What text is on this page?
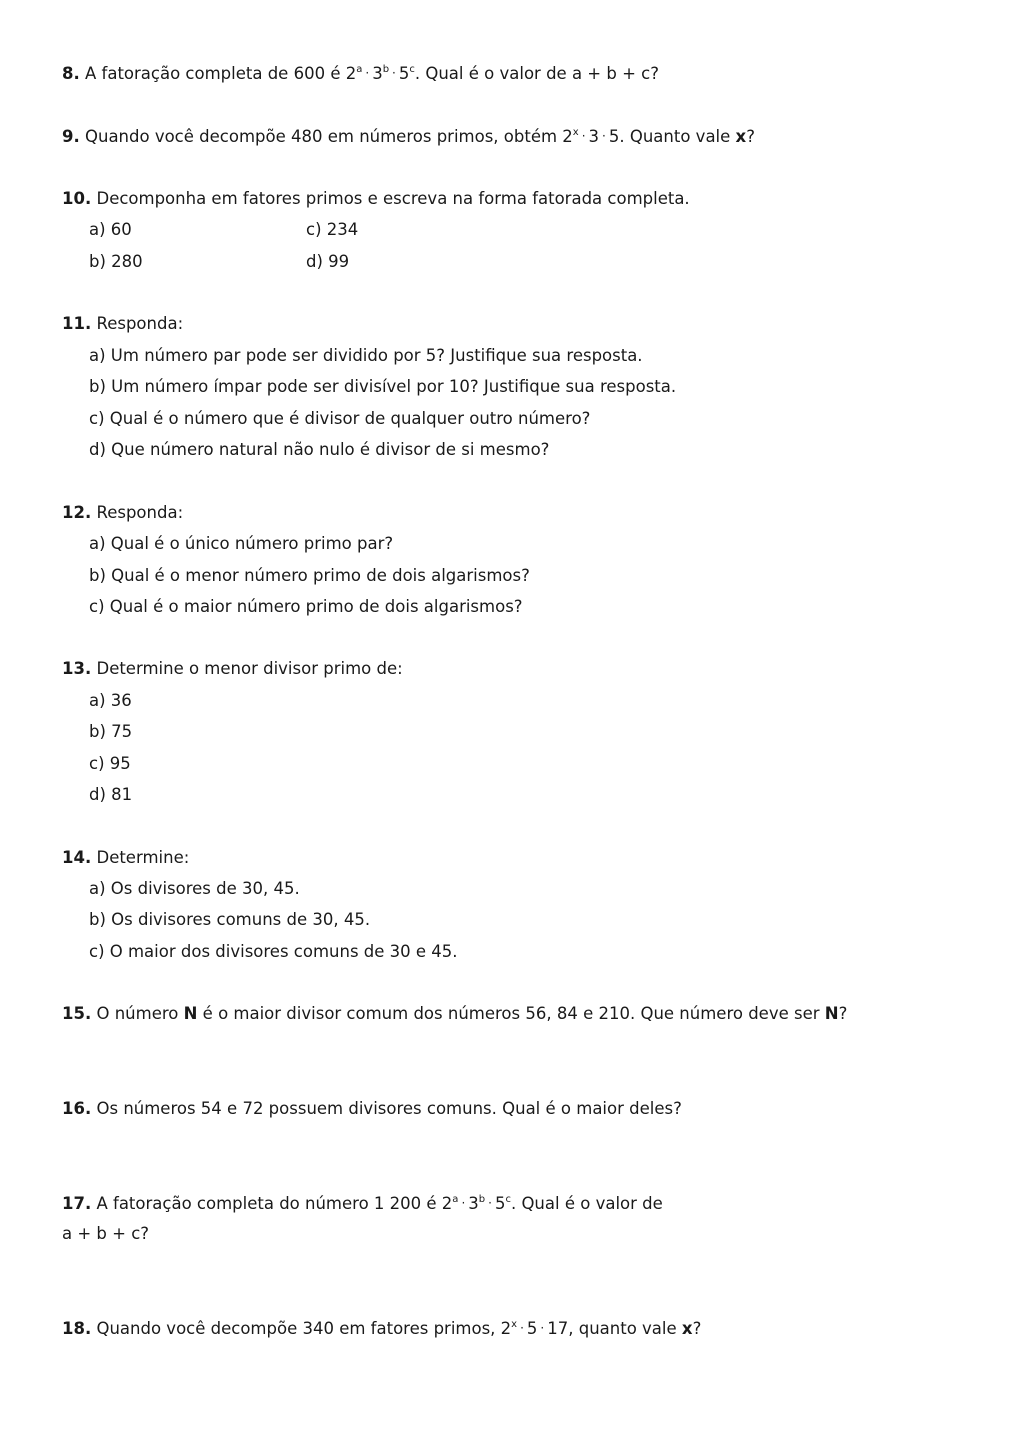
8. A fatoração completa de 600 é $2^a \cdot 3^b \cdot 5^c$. Qual é o valor de a + b + c?
9. Quando você decompõe 480 em números primos, obtém $2^x \cdot 3 \cdot 5$. Quanto vale x?
10. Decomponha em fatores primos e escreva na forma fatorada completa.
a) 60	c) 234
b) 280	d) 99
11. Responda:
a) Um número par pode ser dividido por 5? Justifique sua resposta.
b) Um número ímpar pode ser divisível por 10? Justifique sua resposta.
c) Qual é o número que é divisor de qualquer outro número?
d) Que número natural não nulo é divisor de si mesmo?
12. Responda:
a) Qual é o único número primo par?
b) Qual é o menor número primo de dois algarismos?
c) Qual é o maior número primo de dois algarismos?
13. Determine o menor divisor primo de:
a) 36
b) 75
c) 95
d) 81
14. Determine:
a) Os divisores de 30, 45.
b) Os divisores comuns de 30, 45.
c) O maior dos divisores comuns de 30 e 45.
15. O número N é o maior divisor comum dos números 56, 84 e 210. Que número deve ser N?
16. Os números 54 e 72 possuem divisores comuns. Qual é o maior deles?
17. A fatoração completa do número 1 200 é $2^a \cdot 3^b \cdot 5^c$. Qual é o valor de
a + b + c?
18. Quando você decompõe 340 em fatores primos, $2^x \cdot 5 \cdot 17$, quanto vale x?
